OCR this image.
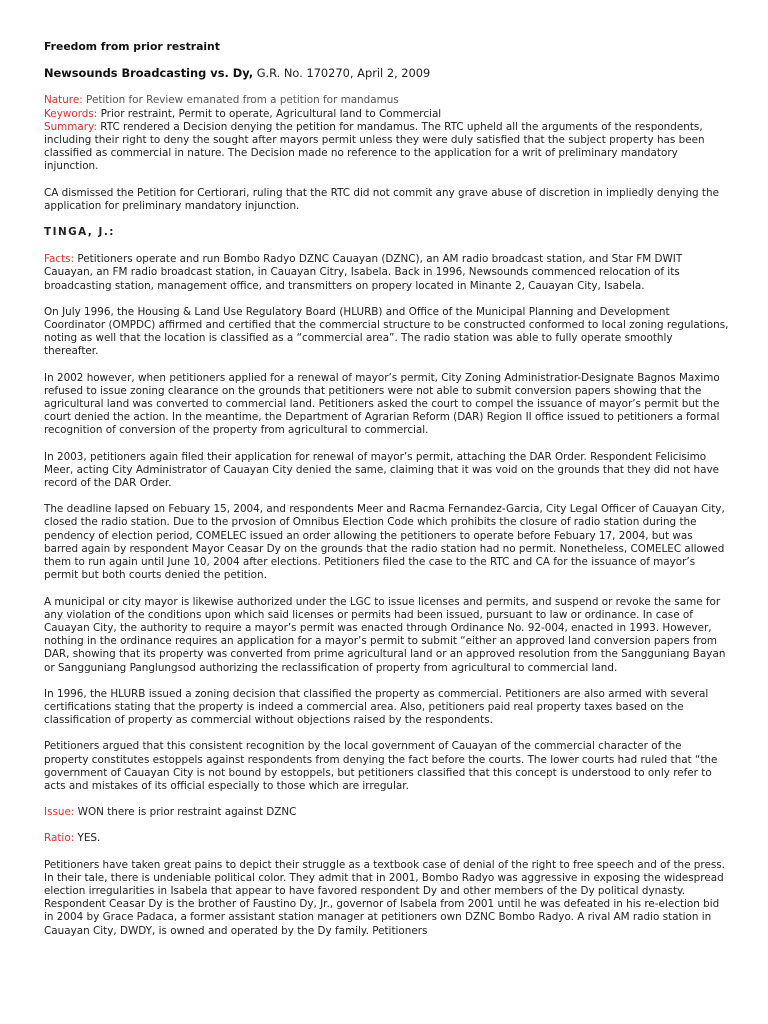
Freedom from prior restraint
Newsounds Broadcasting vs. Dy, G.R. No. 170270, April 2, 2009
Nature: Petition for Review emanated from a petition for mandamus
Keywords: Prior restraint, Permit to operate, Agricultural land to Commercial
Summary: RTC rendered a Decision denying the petition for mandamus. The RTC upheld all the arguments of the respondents, including their right to deny the sought after mayors permit unless they were duly satisfied that the subject property has been classified as commercial in nature. The Decision made no reference to the application for a writ of preliminary mandatory injunction.

CA dismissed the Petition for Certiorari, ruling that the RTC did not commit any grave abuse of discretion in impliedly denying the application for preliminary mandatory injunction.

TINGA, J.:

Facts: Petitioners operate and run Bombo Radyo DZNC Cauayan (DZNC), an AM radio broadcast station, and Star FM DWIT Cauayan, an FM radio broadcast station, in Cauayan Citry, Isabela. Back in 1996, Newsounds commenced relocation of its broadcasting station, management office, and transmitters on propery located in Minante 2, Cauayan City, Isabela.

On July 1996, the Housing & Land Use Regulatory Board (HLURB) and Office of the Municipal Planning and Development Coordinator (OMPDC) affirmed and certified that the commercial structure to be constructed conformed to local zoning regulations, noting as well that the location is classified as a “commercial area”. The radio station was able to fully operate smoothly thereafter.

In 2002 however, when petitioners applied for a renewal of mayor’s permit, City Zoning Administratior-Designate Bagnos Maximo refused to issue zoning clearance on the grounds that petitioners were not able to submit conversion papers showing that the agricultural land was converted to commercial land. Petitioners asked the court to compel the issuance of mayor’s permit but the court denied the action. In the meantime, the Department of Agrarian Reform (DAR) Region II office issued to petitioners a formal recognition of conversion of the property from agricultural to commercial.

In 2003, petitioners again filed their application for renewal of mayor’s permit, attaching the DAR Order. Respondent Felicisimo Meer, acting City Administrator of Cauayan City denied the same, claiming that it was void on the grounds that they did not have record of the DAR Order.

The deadline lapsed on Febuary 15, 2004, and respondents Meer and Racma Fernandez-Garcia, City Legal Officer of Cauayan City, closed the radio station. Due to the prvosion of Omnibus Election Code which prohibits the closure of radio station during the pendency of election period, COMELEC issued an order allowing the petitioners to operate before Febuary 17, 2004, but was barred again by respondent Mayor Ceasar Dy on the grounds that the radio station had no permit. Nonetheless, COMELEC allowed them to run again until June 10, 2004 after elections. Petitioners filed the case to the RTC and CA for the issuance of mayor’s permit but both courts denied the petition.

A municipal or city mayor is likewise authorized under the LGC to issue licenses and permits, and suspend or revoke the same for any violation of the conditions upon which said licenses or permits had been issued, pursuant to law or ordinance. In case of Cauayan City, the authority to require a mayor’s permit was enacted through Ordinance No. 92-004, enacted in 1993. However, nothing in the ordinance requires an application for a mayor’s permit to submit “either an approved land conversion papers from DAR, showing that its property was converted from prime agricultural land or an approved resolution from the Sangguniang Bayan or Sangguniang Panglungsod authorizing the reclassification of property from agricultural to commercial land.

In 1996, the HLURB issued a zoning decision that classified the property as commercial. Petitioners are also armed with several certifications stating that the property is indeed a commercial area. Also, petitioners paid real property taxes based on the classification of property as commercial without objections raised by the respondents.

Petitioners argued that this consistent recognition by the local government of Cauayan of the commercial character of the property constitutes estoppels against respondents from denying the fact before the courts. The lower courts had ruled that “the government of Cauayan City is not bound by estoppels, but petitioners classified that this concept is understood to only refer to acts and mistakes of its official especially to those which are irregular.

Issue: WON there is prior restraint against DZNC

Ratio: YES.

Petitioners have taken great pains to depict their struggle as a textbook case of denial of the right to free speech and of the press. In their tale, there is undeniable political color. They admit that in 2001, Bombo Radyo was aggressive in exposing the widespread election irregularities in Isabela that appear to have favored respondent Dy and other members of the Dy political dynasty. Respondent Ceasar Dy is the brother of Faustino Dy, Jr., governor of Isabela from 2001 until he was defeated in his re-election bid in 2004 by Grace Padaca, a former assistant station manager at petitioners own DZNC Bombo Radyo. A rival AM radio station in Cauayan City, DWDY, is owned and operated by the Dy family. Petitioners
